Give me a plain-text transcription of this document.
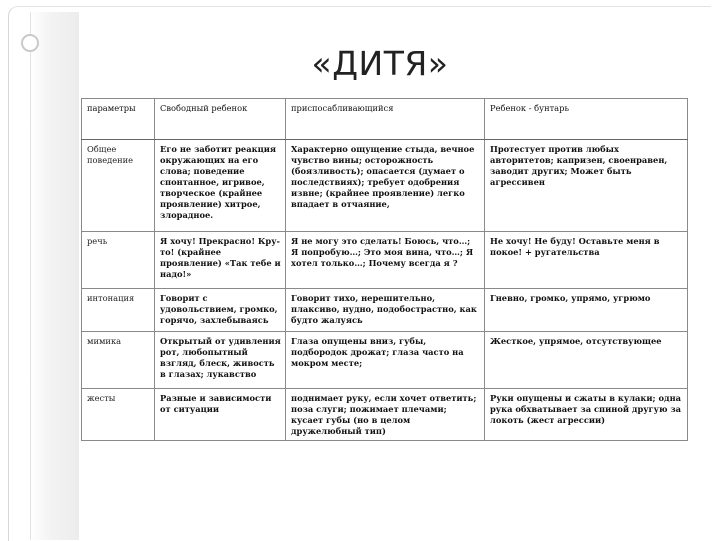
«ДИТЯ»
параметры	Свободный ребенок	приспосабливающийся	Ребенок - бунтарь
Общее поведение	Его не заботит реакция окружающих на его слова; поведение спонтанное, игривое, творческое (крайнее проявление) хитрое, злорадное.	Характерно ощущение стыда, вечное чувство вины; осторожность (боязливость); опасается (думает о последствиях); требует одобрения извне; (крайнее проявление) легко впадает в отчаяние,	Протестует против любых авторитетов; капризен, своенравен, заводит других; Может быть агрессивен
речь	Я хочу! Прекрасно! Кру-тo! (крайнее проявление) «Так тебе и надо!»	Я не могу это сделать! Боюсь, что…; Я попробую…; Это моя вина, что…; Я хотел только…; Почему всегда я ?	Не хочу! Не буду! Оставьте меня в покое! + ругательства
интонация	Говорит с удовольствием, громко, горячо, захлебываясь	Говорит тихо, нерешительно, плаксиво, нудно, подобострастно, как будто жалуясь	Гневно, громко, упрямо, угрюмо
мимика	Открытый от удивления рот, любопытный взгляд, блеск, живость в глазах; лукавство	Глаза опущены вниз, губы, подбородок дрожат; глаза часто на мокром месте;	Жесткое, упрямое, отсутствующее
жесты	Разные и зависимости от ситуации	поднимает руку, если хочет ответить; поза слуги; пожимает плечами; кусает губы (но в целом дружелюбный тип)	Руки опущены и сжаты в кулаки; одна рука обхватывает за спиной другую за локоть (жест агрессии)
